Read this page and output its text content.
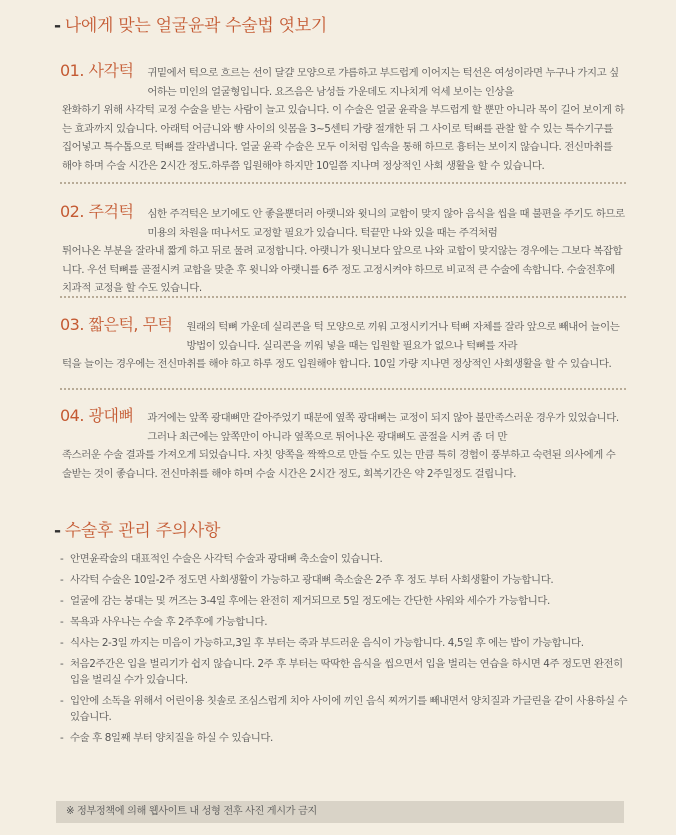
- 나에게 맞는 얼굴윤곽 수술법 엿보기
01. 사각턱 귀밑에서 턱으로 흐르는 선이 달걀 모양으로 갸름하고 부드럽게 이어지는 턱선은 여성이라면 누구나 가지고 싶어하는 미인의 얼굴형입니다. 요즈음은 남성들 가운데도 지나치게 억세 보이는 인상을
완화하기 위해 사각턱 교정 수술을 받는 사람이 늘고 있습니다. 이 수술은 얼굴 윤곽을 부드럽게 할 뿐만 아니라 목이 길어 보이게 하는 효과까지 있습니다. 아래턱 어금니와 뺨 사이의 잇몸을 3~5센티 가량 절개한 뒤 그 사이로 턱뼈를 관찰 할 수 있는 특수기구를 집어넣고 특수톱으로 턱뼈를 잘라냅니다. 얼굴 윤곽 수술은 모두 이처럼 입속을 통해 하므로 흉터는 보이지 않습니다. 전신마취를 해야 하며 수술 시간은 2시간 정도.하루쯤 입원해야 하지만 10일쯤 지나며 정상적인 사회 생활을 할 수 있습니다.
02. 주걱턱 심한 주걱턱은 보기에도 안 좋을뿐더러 아랫니와 윗니의 교합이 맞지 않아 음식을 씹을 때 불편을 주기도 하므로 미용의 차원을 떠나서도 교정할 필요가 있습니다. 턱끝만 나와 있을 때는 주걱처럼
튀어나온 부분을 잘라내 짧게 하고 뒤로 물려 교정합니다. 아랫니가 윗니보다 앞으로 나와 교합이 맞지않는 경우에는 그보다 복잡합니다. 우선 턱뼈를 골절시켜 교합을 맞춘 후 윗니와 아랫니를 6주 정도 고정시켜야 하므로 비교적 큰 수술에 속합니다. 수술전후에 치과적 교정을 할 수도 있습니다.
03. 짧은턱, 무턱 원래의 턱뼈 가운데 실리콘을 턱 모양으로 끼워 고정시키거나 턱뼈 자체를 잘라 앞으로 빼내어 늘이는 방법이 있습니다. 실리콘을 끼워 넣을 때는 입원할 필요가 없으나 턱뼈를 자라
턱을 늘이는 경우에는 전신마취를 해야 하고 하루 정도 입원해야 합니다. 10일 가량 지나면 정상적인 사회생활을 할 수 있습니다.
04. 광대뼈 과거에는 앞쪽 광대뼈만 갈아주었기 때문에 옆쪽 광대뼈는 교정이 되지 않아 불만족스러운 경우가 있었습니다. 그러나 최근에는 앞쪽만이 아니라 옆쪽으로 튀어나온 광대뼈도 골절을 시켜 좀 더 만
족스러운 수술 결과를 가져오게 되었습니다. 자칫 양쪽을 짝짝으로 만들 수도 있는 만큼 특히 경험이 풍부하고 숙련된 의사에게 수술받는 것이 좋습니다. 전신마취를 해야 하며 수술 시간은 2시간 정도, 회복기간은 약 2주일정도 걸립니다.
- 수술후 관리 주의사항
- 안면윤곽술의 대표적인 수술은 사각턱 수술과 광대뼈 축소술이 있습니다.
- 사각턱 수술은 10일-2주 정도면 사회생활이 가능하고 광대뼈 축소술은 2주 후 정도 부터 사회생활이 가능합니다.
- 얼굴에 감는 붕대는 및 꺼즈는 3-4일 후에는 완전히 제거되므로 5일 정도에는 간단한 샤워와 세수가 가능합니다.
- 목욕과 사우나는 수술 후 2주후에 가능합니다.
- 식사는 2-3일 까지는 미음이 가능하고,3일 후 부터는 죽과 부드러운 음식이 가능합니다. 4,5일 후 에는 밥이 가능합니다.
- 처음2주간은 입을 벌리기가 쉽지 않습니다. 2주 후 부터는 딱딱한 음식을 씹으면서 입을 벌리는 연습을 하시면 4주 정도면 완전히 입을 벌리실 수가 있습니다.
- 입안에 소독을 위해서 어린이용 칫솔로 조심스럽게 치아 사이에 끼인 음식 찌꺼기를 빼내면서 양치질과 가글린을 같이 사용하실 수 있습니다.
- 수술 후 8일째 부터 양치질을 하실 수 있습니다.
※ 정부정책에 의해 웹사이트 내 성형 전후 사진 게시가 금지
